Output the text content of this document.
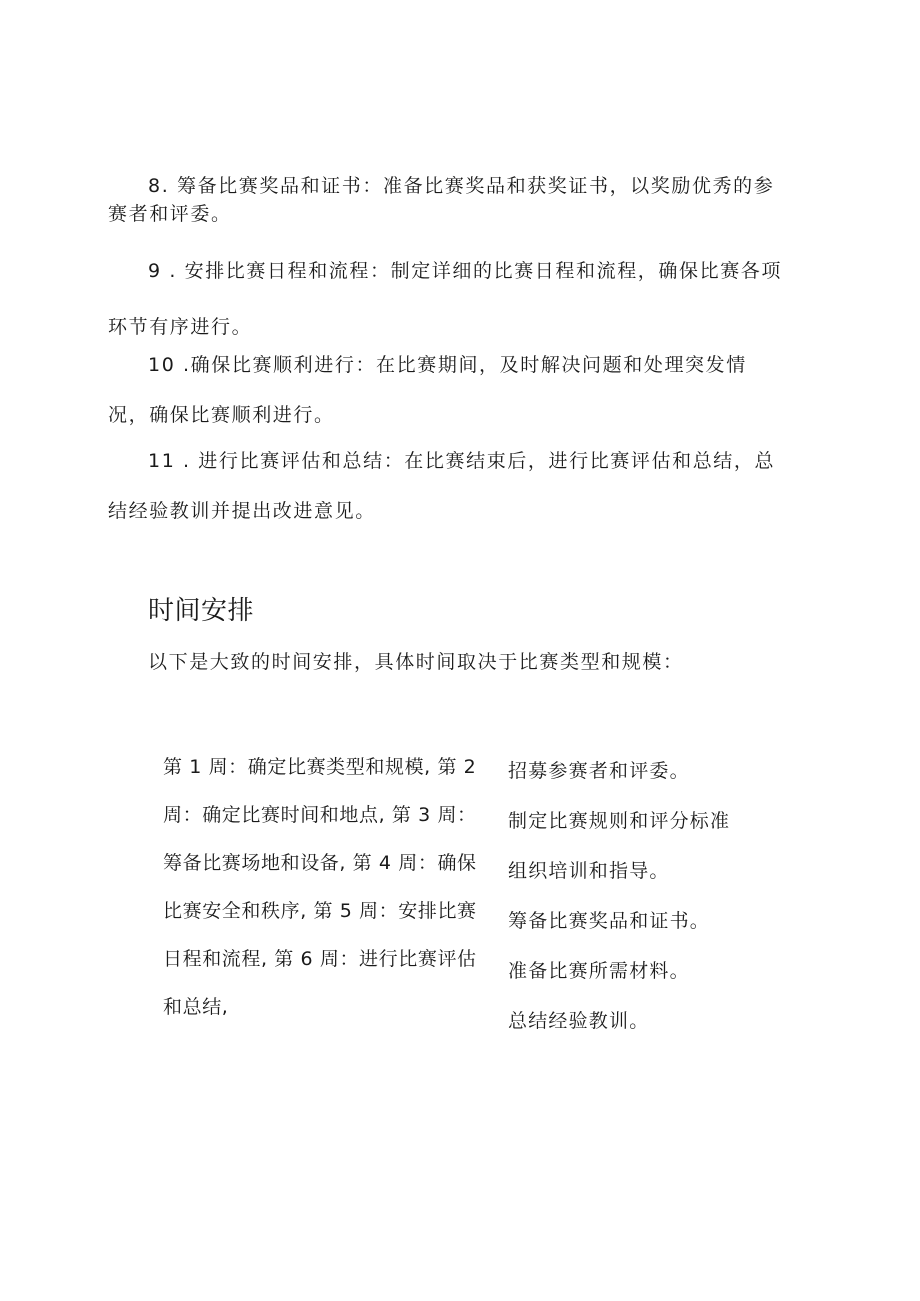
8. 筹备比赛奖品和证书：准备比赛奖品和获奖证书，以奖励优秀的参
赛者和评委。
9 . 安排比赛日程和流程：制定详细的比赛日程和流程，确保比赛各项
环节有序进行。
10 .确保比赛顺利进行：在比赛期间，及时解决问题和处理突发情
况，确保比赛顺利进行。
11 . 进行比赛评估和总结：在比赛结束后，进行比赛评估和总结，总
结经验教训并提出改进意见。
时间安排
以下是大致的时间安排，具体时间取决于比赛类型和规模：
第 1 周：确定比赛类型和规模, 第 2
周：确定比赛时间和地点, 第 3 周：
筹备比赛场地和设备, 第 4 周：确保
比赛安全和秩序, 第 5 周：安排比赛
日程和流程, 第 6 周：进行比赛评估
和总结,
招募参赛者和评委。
制定比赛规则和评分标准
组织培训和指导。
筹备比赛奖品和证书。
准备比赛所需材料。
总结经验教训。
